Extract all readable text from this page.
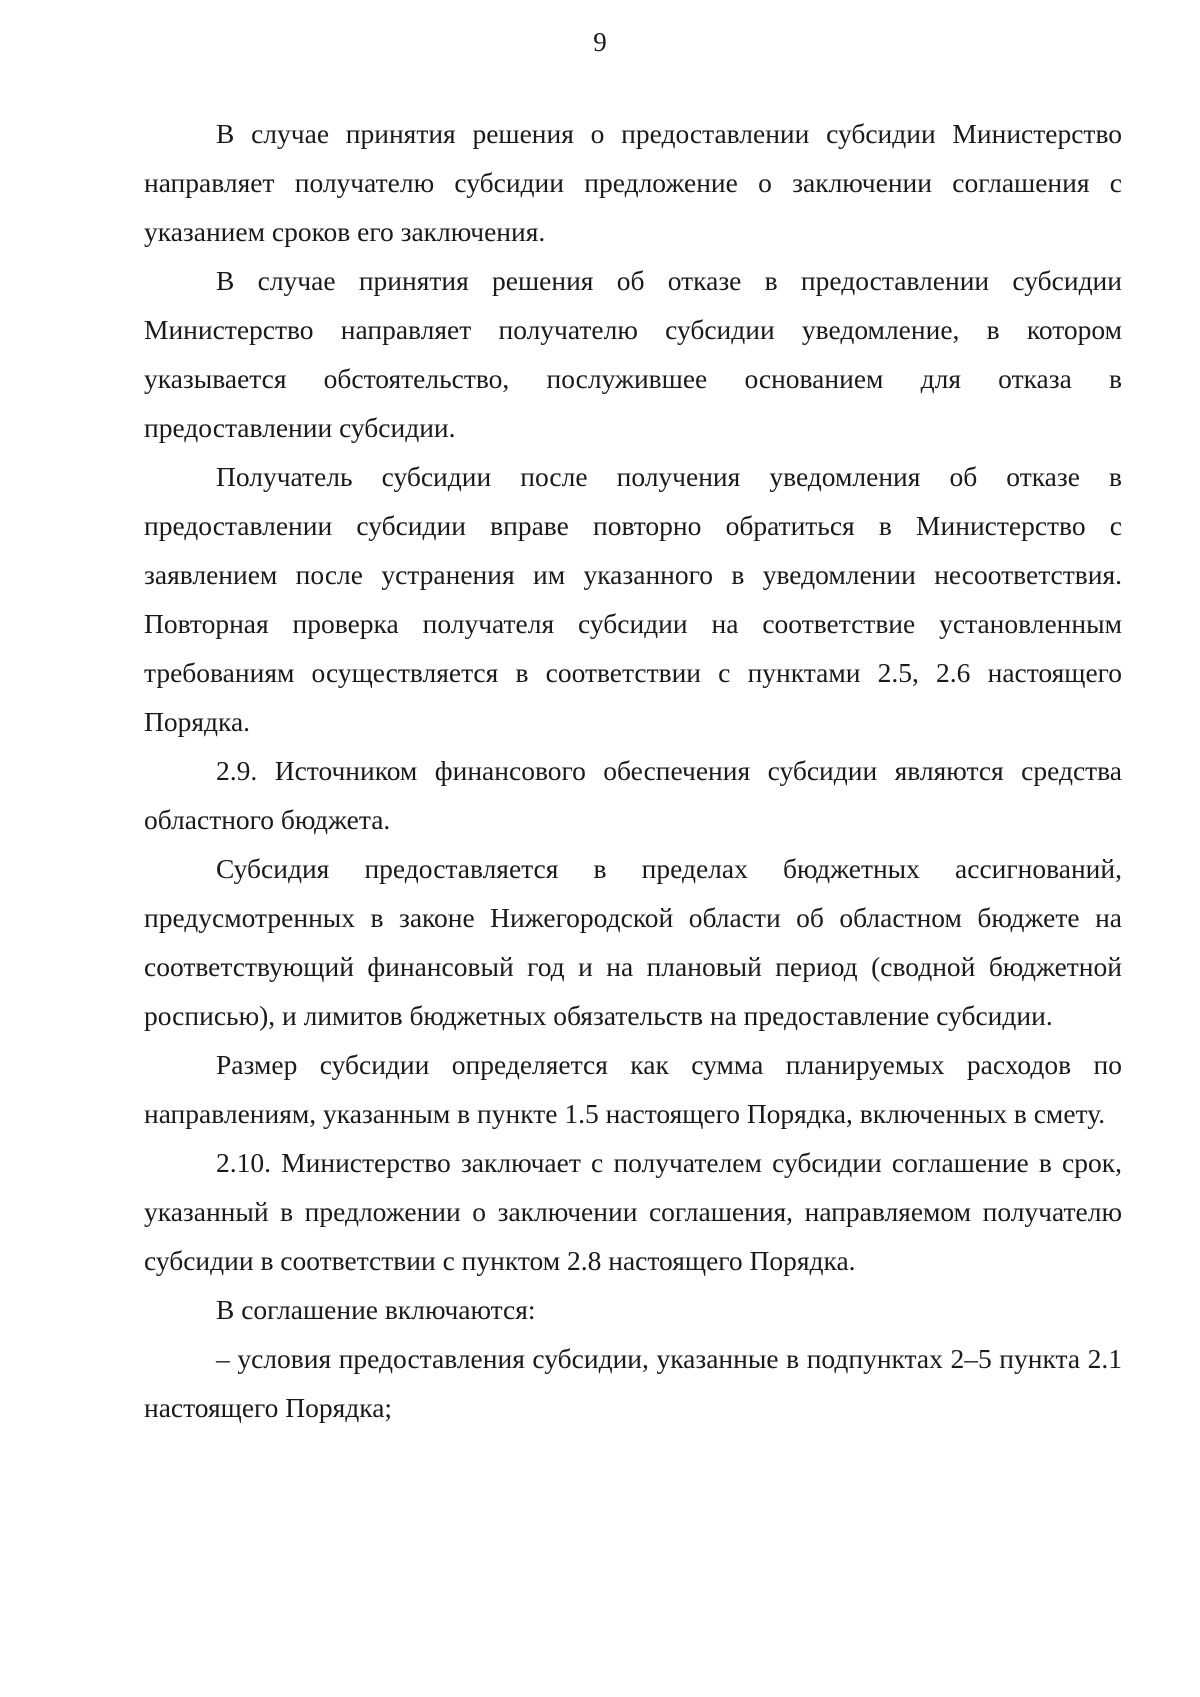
9

В случае принятия решения о предоставлении субсидии Министерство направляет получателю субсидии предложение о заключении соглашения с указанием сроков его заключения.

В случае принятия решения об отказе в предоставлении субсидии Министерство направляет получателю субсидии уведомление, в котором указывается обстоятельство, послужившее основанием для отказа в предоставлении субсидии.

Получатель субсидии после получения уведомления об отказе в предоставлении субсидии вправе повторно обратиться в Министерство с заявлением после устранения им указанного в уведомлении несоответствия. Повторная проверка получателя субсидии на соответствие установленным требованиям осуществляется в соответствии с пунктами 2.5, 2.6 настоящего Порядка.

2.9. Источником финансового обеспечения субсидии являются средства областного бюджета.

Субсидия предоставляется в пределах бюджетных ассигнований, предусмотренных в законе Нижегородской области об областном бюджете на соответствующий финансовый год и на плановый период (сводной бюджетной росписью), и лимитов бюджетных обязательств на предоставление субсидии.

Размер субсидии определяется как сумма планируемых расходов по направлениям, указанным в пункте 1.5 настоящего Порядка, включенных в смету.

2.10. Министерство заключает с получателем субсидии соглашение в срок, указанный в предложении о заключении соглашения, направляемом получателю субсидии в соответствии с пунктом 2.8 настоящего Порядка.

В соглашение включаются:

– условия предоставления субсидии, указанные в подпунктах 2–5 пункта 2.1 настоящего Порядка;
